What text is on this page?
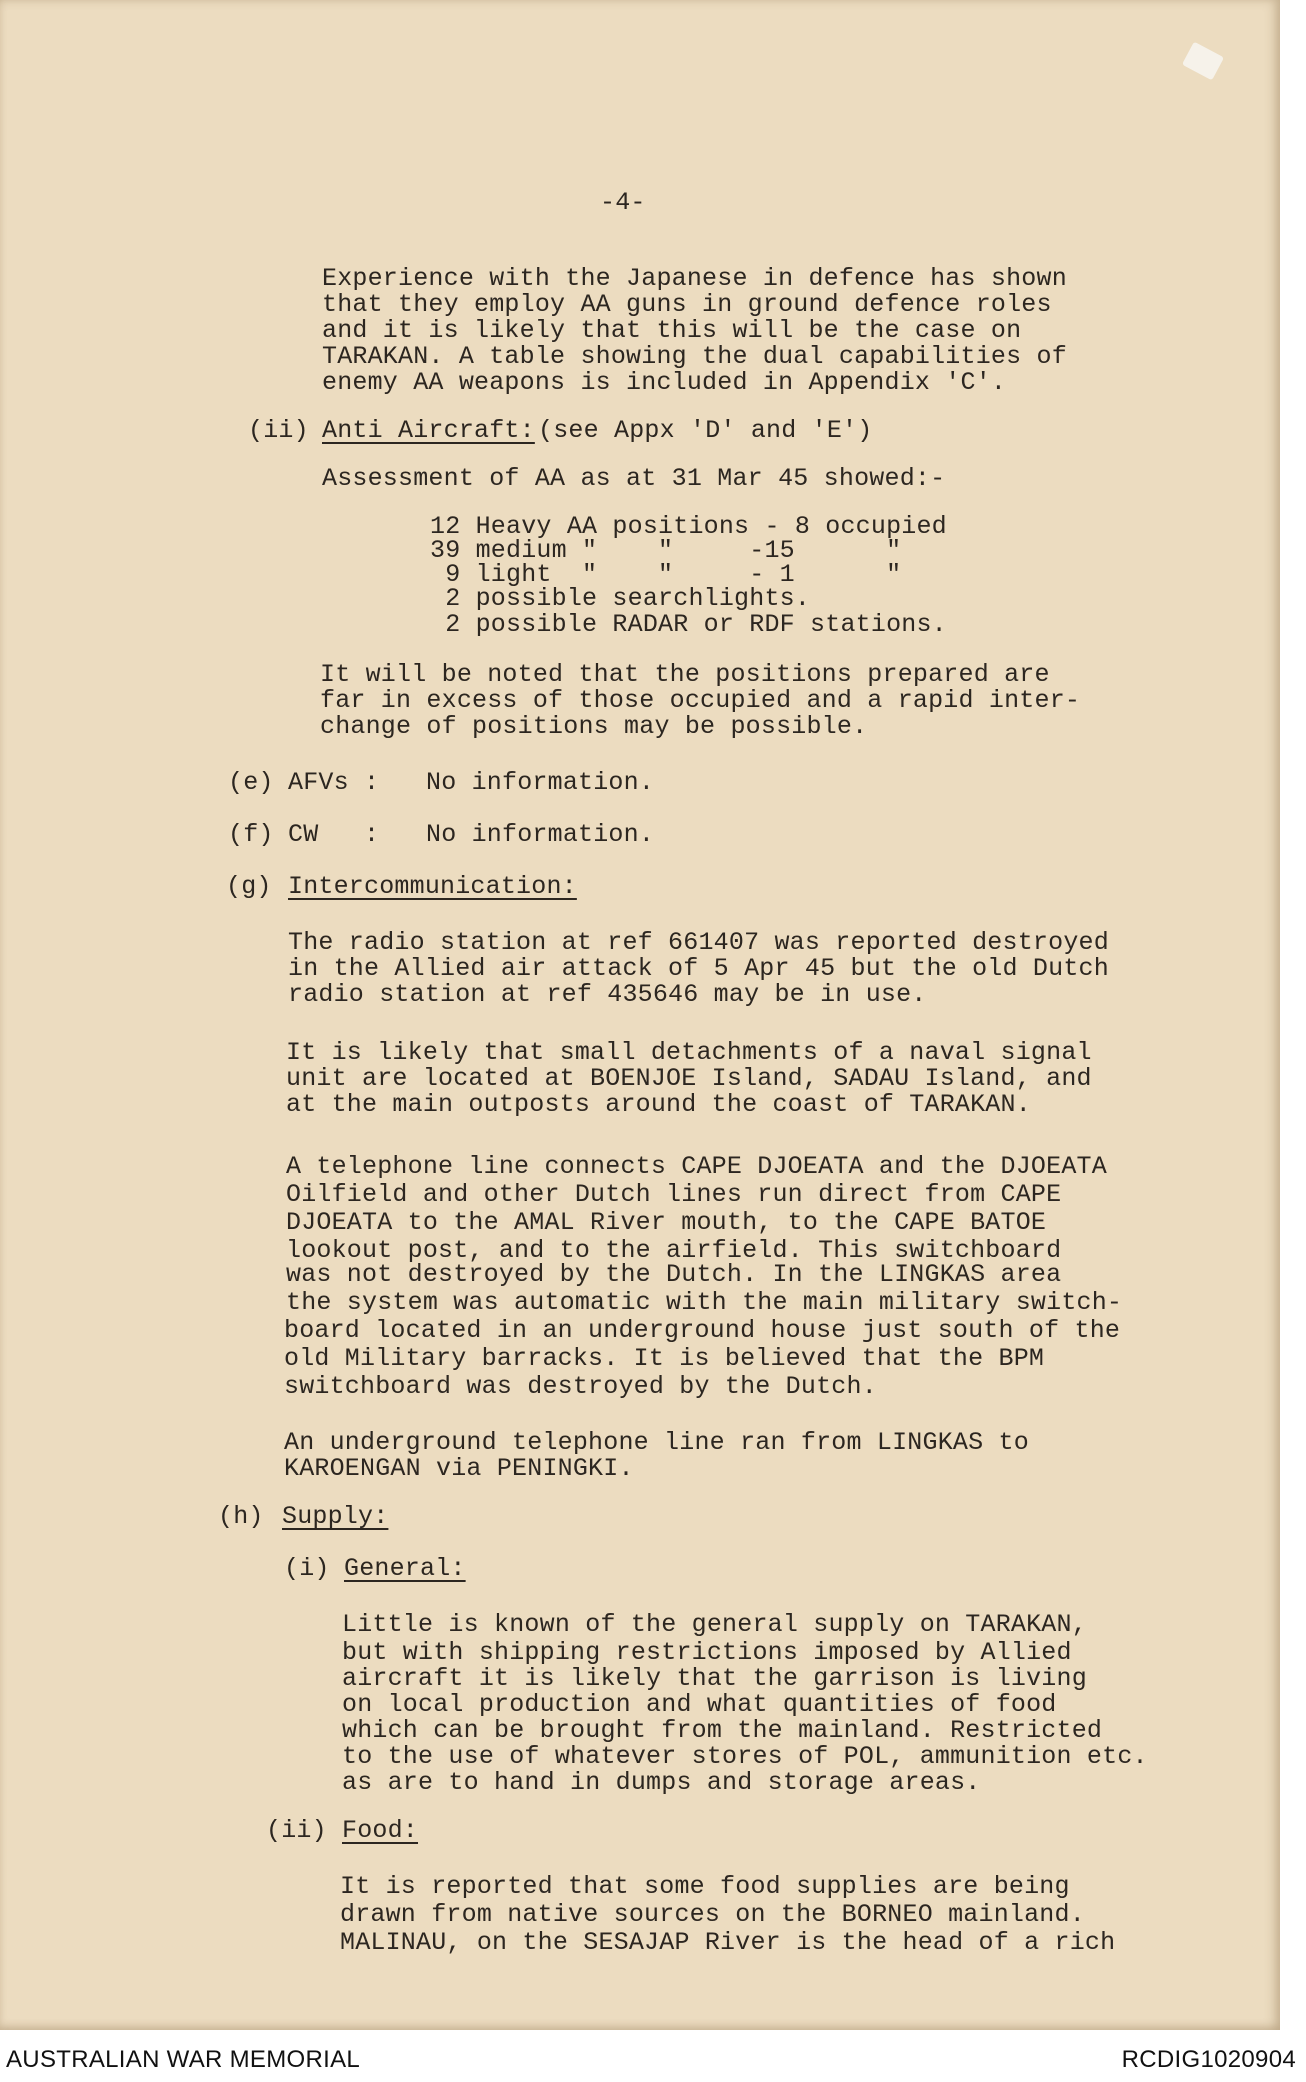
-4-
Experience with the Japanese in defence has shown
that they employ AA guns in ground defence roles
and it is likely that this will be the case on
TARAKAN. A table showing the dual capabilities of
enemy AA weapons is included in Appendix 'C'.
(ii) Anti Aircraft: (see Appx 'D' and 'E')
Assessment of AA as at 31 Mar 45 showed:-
12 Heavy AA positions - 8 occupied
39 medium "    "     -15      "
9 light  "    "     - 1      "
2 possible searchlights.
2 possible RADAR or RDF stations.
It will be noted that the positions prepared are
far in excess of those occupied and a rapid inter-
change of positions may be possible.
(e) AFVs : No information.
(f) CW   : No information.
(g) Intercommunication:
The radio station at ref 661407 was reported destroyed
in the Allied air attack of 5 Apr 45 but the old Dutch
radio station at ref 435646 may be in use.
It is likely that small detachments of a naval signal
unit are located at BOENJOE Island, SADAU Island, and
at the main outposts around the coast of TARAKAN.
A telephone line connects CAPE DJOEATA and the DJOEATA
Oilfield and other Dutch lines run direct from CAPE
DJOEATA to the AMAL River mouth, to the CAPE BATOE
lookout post, and to the airfield. This switchboard
was not destroyed by the Dutch. In the LINGKAS area
the system was automatic with the main military switch-
board located in an underground house just south of the
old Military barracks. It is believed that the BPM
switchboard was destroyed by the Dutch.
An underground telephone line ran from LINGKAS to
KAROENGAN via PENINGKI.
(h) Supply:
(i) General:
Little is known of the general supply on TARAKAN,
but with shipping restrictions imposed by Allied
aircraft it is likely that the garrison is living
on local production and what quantities of food
which can be brought from the mainland. Restricted
to the use of whatever stores of POL, ammunition etc.
as are to hand in dumps and storage areas.
(ii) Food:
It is reported that some food supplies are being
drawn from native sources on the BORNEO mainland.
MALINAU, on the SESAJAP River is the head of a rich
AUSTRALIAN WAR MEMORIAL	RCDIG1020904
